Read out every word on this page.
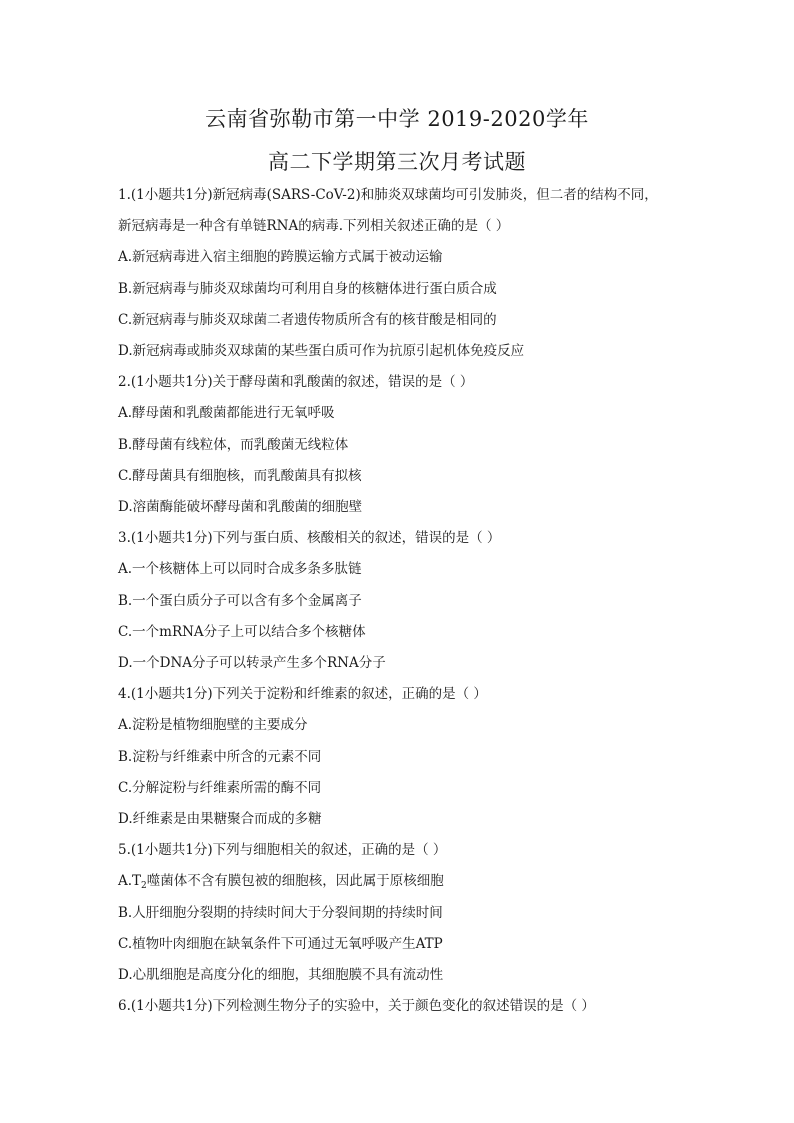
云南省弥勒市第一中学 2019-2020学年
高二下学期第三次月考试题
1.(1小题共1分)新冠病毒(SARS-CoV-2)和肺炎双球菌均可引发肺炎，但二者的结构不同，
新冠病毒是一种含有单链RNA的病毒.下列相关叙述正确的是（ ）
A.新冠病毒进入宿主细胞的跨膜运输方式属于被动运输
B.新冠病毒与肺炎双球菌均可利用自身的核糖体进行蛋白质合成
C.新冠病毒与肺炎双球菌二者遗传物质所含有的核苷酸是相同的
D.新冠病毒或肺炎双球菌的某些蛋白质可作为抗原引起机体免疫反应
2.(1小题共1分)关于酵母菌和乳酸菌的叙述，错误的是（ ）
A.酵母菌和乳酸菌都能进行无氧呼吸
B.酵母菌有线粒体，而乳酸菌无线粒体
C.酵母菌具有细胞核，而乳酸菌具有拟核
D.溶菌酶能破坏酵母菌和乳酸菌的细胞壁
3.(1小题共1分)下列与蛋白质、核酸相关的叙述，错误的是（ ）
A.一个核糖体上可以同时合成多条多肽链
B.一个蛋白质分子可以含有多个金属离子
C.一个mRNA分子上可以结合多个核糖体
D.一个DNA分子可以转录产生多个RNA分子
4.(1小题共1分)下列关于淀粉和纤维素的叙述，正确的是（ ）
A.淀粉是植物细胞壁的主要成分
B.淀粉与纤维素中所含的元素不同
C.分解淀粉与纤维素所需的酶不同
D.纤维素是由果糖聚合而成的多糖
5.(1小题共1分)下列与细胞相关的叙述，正确的是（ ）
$A.T_2$噬菌体不含有膜包被的细胞核，因此属于原核细胞
B.人肝细胞分裂期的持续时间大于分裂间期的持续时间
C.植物叶肉细胞在缺氧条件下可通过无氧呼吸产生ATP
D.心肌细胞是高度分化的细胞，其细胞膜不具有流动性
6.(1小题共1分)下列检测生物分子的实验中，关于颜色变化的叙述错误的是（ ）
